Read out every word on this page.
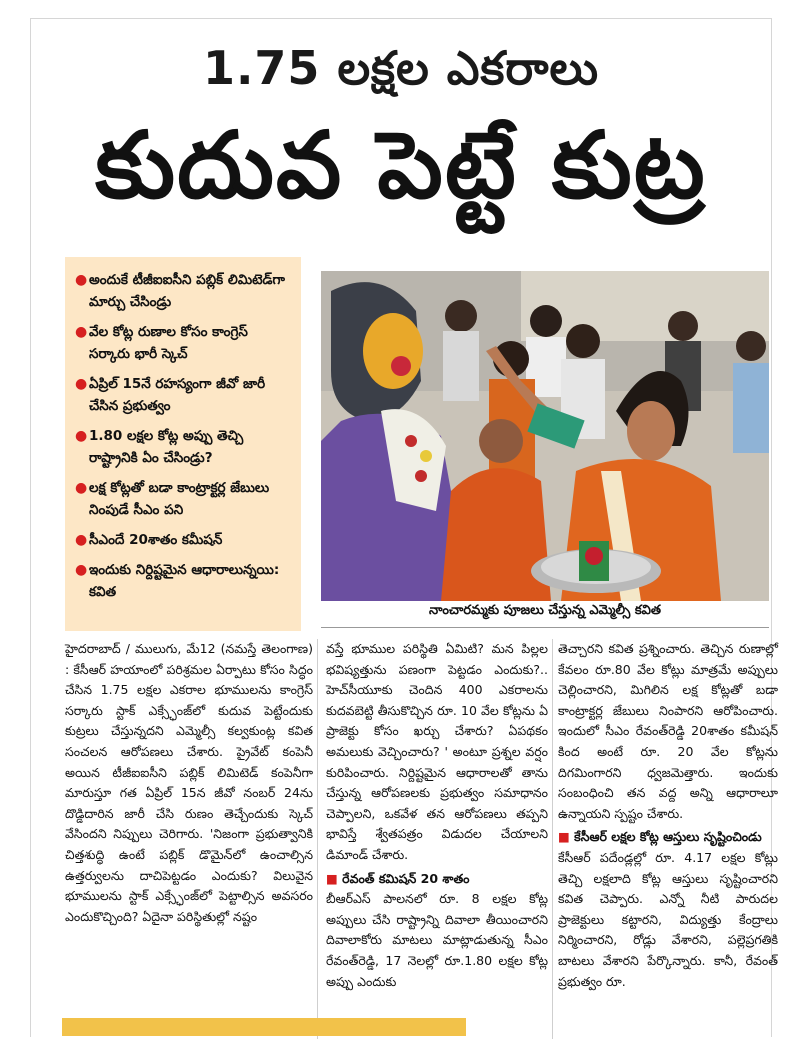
1.75 లక్షల ఎకరాలు
కుదువ పెట్టే కుట్ర
● అందుకే టీజీఐఐసీని పబ్లిక్ లిమిటెడ్‌గా మార్చు చేసిండ్రు
● వేల కోట్ల రుణాల కోసం కాంగ్రెస్ సర్కారు భారీ స్కెచ్
● ఏప్రిల్ 15నే రహస్యంగా జీవో జారీ చేసిన ప్రభుత్వం
● 1.80 లక్షల కోట్ల అప్పు తెచ్చి రాష్ట్రానికి ఏం చేసిండ్రు?
● లక్ష కోట్లతో బడా కాంట్రాక్టర్ల జేబులు నింపుడే సీఎం పని
● సీఎందే 20శాతం కమీషన్
● ఇందుకు నిర్దిష్టమైన ఆధారాలున్నయి: కవిత
నాంచారమ్మకు పూజలు చేస్తున్న ఎమ్మెల్సీ కవిత

హైదరాబాద్ / ములుగు, మే12 (నమస్తే తెలంగాణ) : కేసీఆర్ హయాంలో పరిశ్రమల ఏర్పాటు కోసం సిద్ధం చేసిన 1.75 లక్షల ఎకరాల భూములను కాంగ్రెస్ సర్కారు స్టాక్ ఎక్స్ఛేంజ్‌లో కుదువ పెట్టేందుకు కుట్రలు చేస్తున్నదని ఎమ్మెల్సీ కల్వకుంట్ల కవిత సంచలన ఆరోపణలు చేశారు. ప్రైవేట్ కంపెనీ అయిన టీజీఐఐసీని పబ్లిక్ లిమిటెడ్ కంపెనీగా మారుస్తూ గత ఏప్రిల్ 15న జీవో నంబర్ 24ను దొడ్డిదారిన జారీ చేసి రుణం తెచ్చేందుకు స్కెచ్ వేసిందని నిప్పులు చెరిగారు. 'నిజంగా ప్రభుత్వానికి చిత్తశుద్ధి ఉంటే పబ్లిక్ డొమైన్‌లో ఉంచాల్సిన ఉత్తర్వులను దాచిపెట్టడం ఎందుకు? విలువైన భూములను స్టాక్ ఎక్స్ఛేంజ్‌లో పెట్టాల్సిన అవసరం ఎందుకొచ్చింది? ఏదైనా పరిస్థితుల్లో నష్టం

వస్తే భూముల పరిస్థితి ఏమిటి? మన పిల్లల భవిష్యత్తును పణంగా పెట్టడం ఎందుకు?.. హెచ్‌సీయూకు చెందిన 400 ఎకరాలను కుదవబెట్టి తీసుకొచ్చిన రూ. 10 వేల కోట్లను ఏ ప్రాజెక్టు కోసం ఖర్చు చేశారు? ఏపథకం అమలుకు వెచ్చించారు? ' అంటూ ప్రశ్నల వర్షం కురిపించారు. నిర్దిష్టమైన ఆధారాలతో తాను చేస్తున్న ఆరోపణలకు ప్రభుత్వం సమాధానం చెప్పాలని, ఒకవేళ తన ఆరోపణలు తప్పని భావిస్తే శ్వేతపత్రం విడుదల చేయాలని డిమాండ్ చేశారు.

■ రేవంత్ కమిషన్ 20 శాతం

బీఆర్‌ఎస్ పాలనలో రూ. 8 లక్షల కోట్ల అప్పులు చేసి రాష్ట్రాన్ని దివాలా తీయించారని దివాలాకోరు మాటలు మాట్లాడుతున్న సీఎం రేవంత్‌రెడ్డి, 17 నెలల్లో రూ.1.80 లక్షల కోట్ల అప్పు ఎందుకు

తెచ్చారని కవిత ప్రశ్నించారు. తెచ్చిన రుణాల్లో కేవలం రూ.80 వేల కోట్లు మాత్రమే అప్పులు చెల్లించారని, మిగిలిన లక్ష కోట్లతో బడా కాంట్రాక్టర్ల జేబులు నింపారని ఆరోపించారు. ఇందులో సీఎం రేవంత్‌రెడ్డి 20శాతం కమీషన్ కింద అంటే రూ. 20 వేల కోట్లను దిగమింగారని ధ్వజమెత్తారు. ఇందుకు సంబంధించి తన వద్ద అన్ని ఆధారాలూ ఉన్నాయని స్పష్టం చేశారు.

■ కేసీఆర్ లక్షల కోట్ల ఆస్తులు సృష్టించిండు

కేసీఆర్ పదేండ్లల్లో రూ. 4.17 లక్షల కోట్లు తెచ్చి లక్షలాది కోట్ల ఆస్తులు సృష్టించారని కవిత చెప్పారు. ఎన్నో నీటి పారుదల ప్రాజెక్టులు కట్టారని, విద్యుత్తు కేంద్రాలు నిర్మించారని, రోడ్లు వేశారని, పల్లెప్రగతికి బాటలు వేశారని పేర్కొన్నారు. కానీ, రేవంత్ ప్రభుత్వం రూ.
